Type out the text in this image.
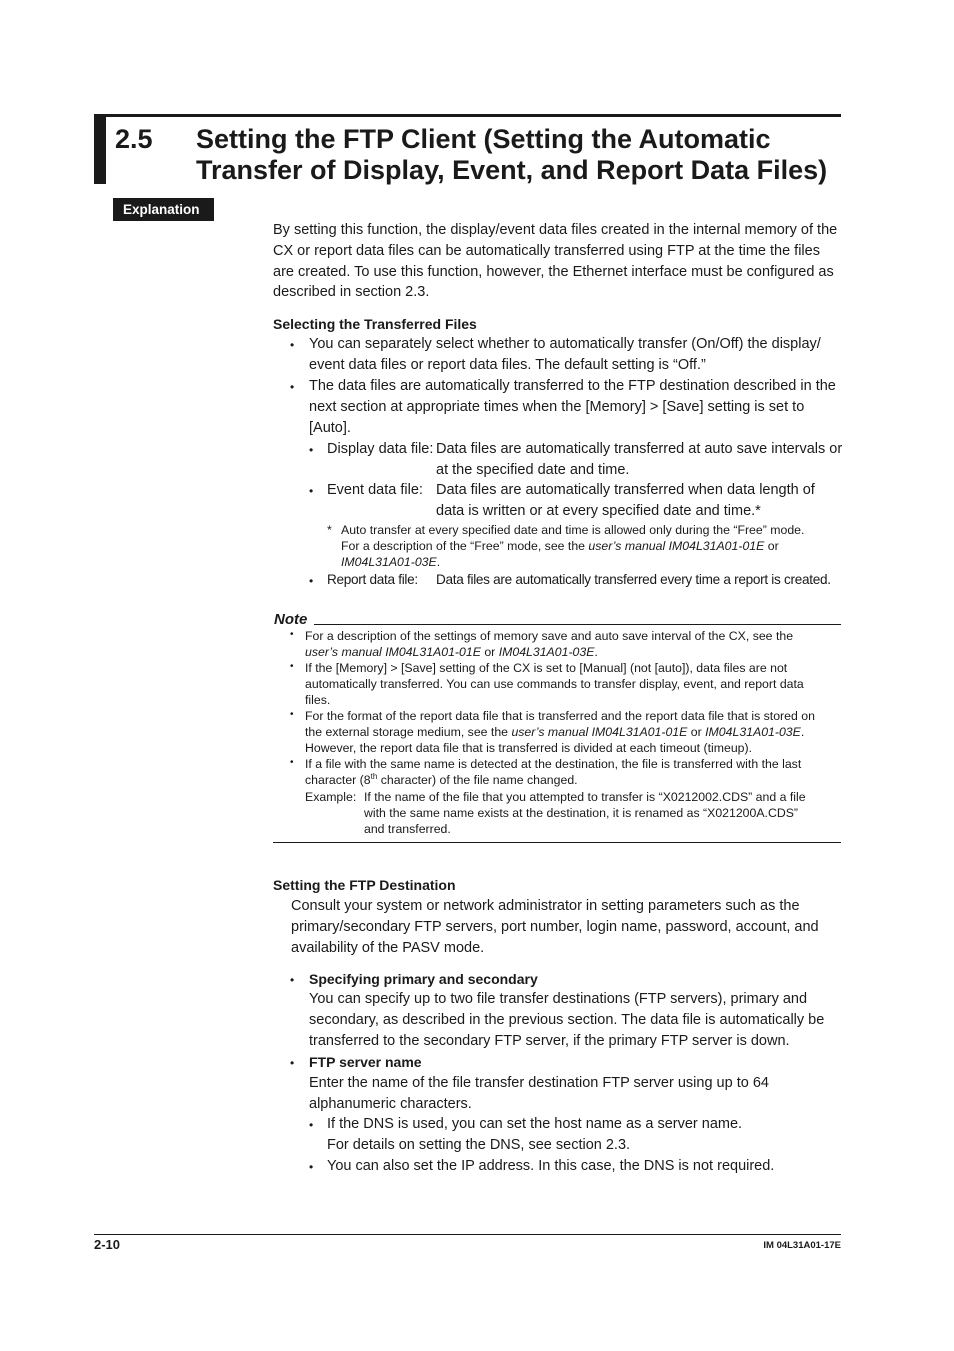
2.5 Setting the FTP Client (Setting the Automatic
Transfer of Display, Event, and Report Data Files)
Explanation
By setting this function, the display/event data files created in the internal memory of the
CX or report data files can be automatically transferred using FTP at the time the files
are created. To use this function, however, the Ethernet interface must be configured as
described in section 2.3.
Selecting the Transferred Files
• You can separately select whether to automatically transfer (On/Off) the display/
event data files or report data files. The default setting is “Off.”
• The data files are automatically transferred to the FTP destination described in the
next section at appropriate times when the [Memory] > [Save] setting is set to
[Auto].
• Display data file: Data files are automatically transferred at auto save intervals or
at the specified date and time.
• Event data file: Data files are automatically transferred when data length of
data is written or at every specified date and time.*
* Auto transfer at every specified date and time is allowed only during the “Free” mode.
For a description of the “Free” mode, see the user’s manual IM04L31A01-01E or
IM04L31A01-03E.
• Report data file: Data files are automatically transferred every time a report is created.
Note
• For a description of the settings of memory save and auto save interval of the CX, see the
user’s manual IM04L31A01-01E or IM04L31A01-03E.
• If the [Memory] > [Save] setting of the CX is set to [Manual] (not [auto]), data files are not
automatically transferred. You can use commands to transfer display, event, and report data
files.
• For the format of the report data file that is transferred and the report data file that is stored on
the external storage medium, see the user’s manual IM04L31A01-01E or IM04L31A01-03E.
However, the report data file that is transferred is divided at each timeout (timeup).
• If a file with the same name is detected at the destination, the file is transferred with the last
character (8th character) of the file name changed.
Example: If the name of the file that you attempted to transfer is “X0212002.CDS” and a file
with the same name exists at the destination, it is renamed as “X021200A.CDS”
and transferred.
Setting the FTP Destination
Consult your system or network administrator in setting parameters such as the
primary/secondary FTP servers, port number, login name, password, account, and
availability of the PASV mode.
• Specifying primary and secondary
You can specify up to two file transfer destinations (FTP servers), primary and
secondary, as described in the previous section. The data file is automatically be
transferred to the secondary FTP server, if the primary FTP server is down.
• FTP server name
Enter the name of the file transfer destination FTP server using up to 64
alphanumeric characters.
• If the DNS is used, you can set the host name as a server name.
For details on setting the DNS, see section 2.3.
• You can also set the IP address. In this case, the DNS is not required.
2-10	IM 04L31A01-17E
